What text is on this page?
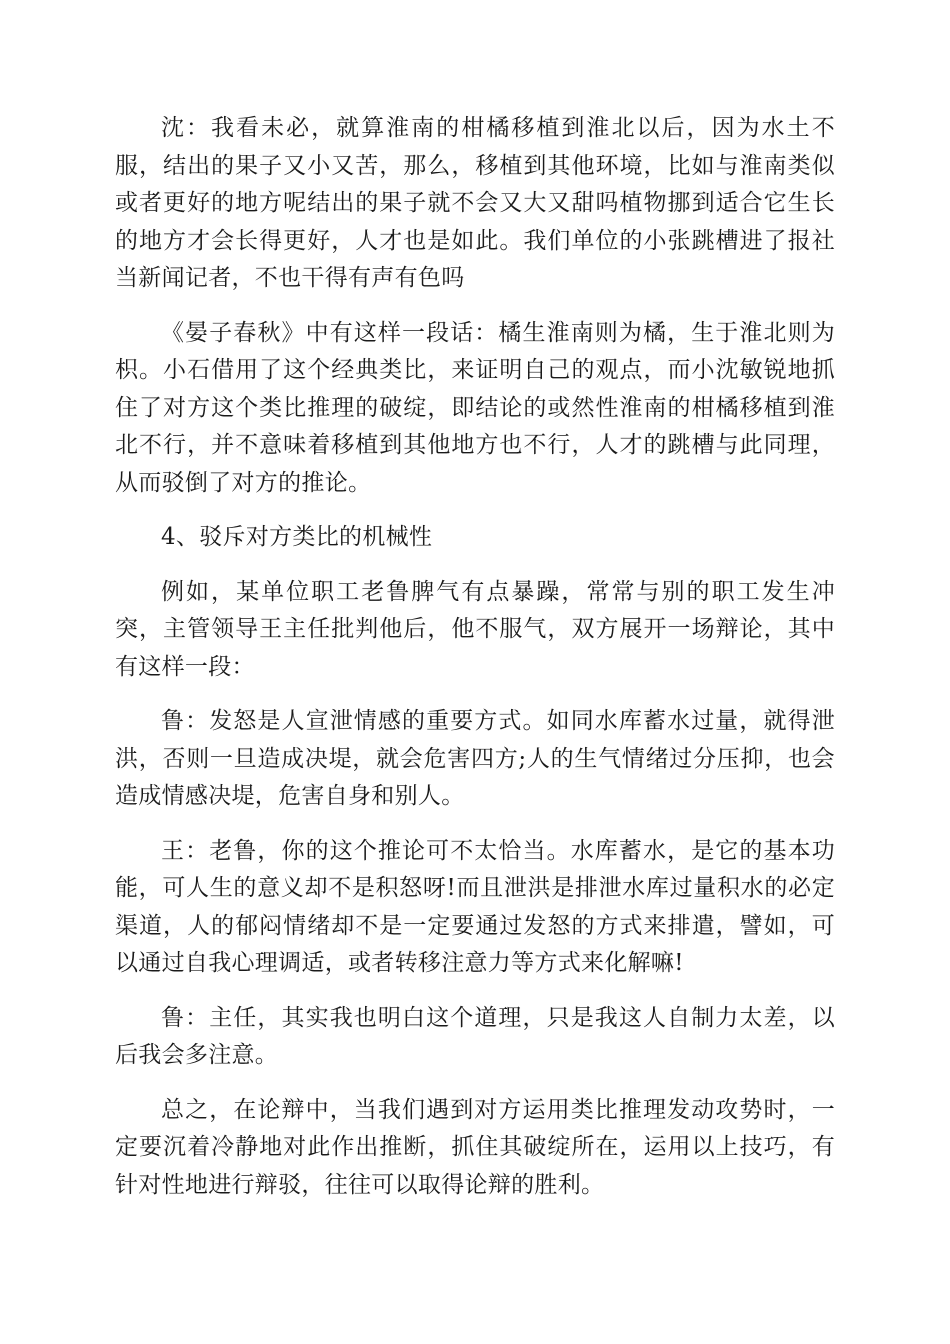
沈：我看未必，就算淮南的柑橘移植到淮北以后，因为水土不服，结出的果子又小又苦，那么，移植到其他环境，比如与淮南类似或者更好的地方呢结出的果子就不会又大又甜吗植物挪到适合它生长的地方才会长得更好，人才也是如此。我们单位的小张跳槽进了报社当新闻记者，不也干得有声有色吗

《晏子春秋》中有这样一段话：橘生淮南则为橘，生于淮北则为枳。小石借用了这个经典类比，来证明自己的观点，而小沈敏锐地抓住了对方这个类比推理的破绽，即结论的或然性淮南的柑橘移植到淮北不行，并不意味着移植到其他地方也不行，人才的跳槽与此同理，从而驳倒了对方的推论。

4、驳斥对方类比的机械性

例如，某单位职工老鲁脾气有点暴躁，常常与别的职工发生冲突，主管领导王主任批判他后，他不服气，双方展开一场辩论，其中有这样一段：

鲁：发怒是人宣泄情感的重要方式。如同水库蓄水过量，就得泄洪，否则一旦造成决堤，就会危害四方;人的生气情绪过分压抑，也会造成情感决堤，危害自身和别人。

王：老鲁，你的这个推论可不太恰当。水库蓄水，是它的基本功能，可人生的意义却不是积怒呀!而且泄洪是排泄水库过量积水的必定渠道，人的郁闷情绪却不是一定要通过发怒的方式来排遣，譬如，可以通过自我心理调适，或者转移注意力等方式来化解嘛!

鲁：主任，其实我也明白这个道理，只是我这人自制力太差，以后我会多注意。

总之，在论辩中，当我们遇到对方运用类比推理发动攻势时，一定要沉着冷静地对此作出推断，抓住其破绽所在，运用以上技巧，有针对性地进行辩驳，往往可以取得论辩的胜利。
